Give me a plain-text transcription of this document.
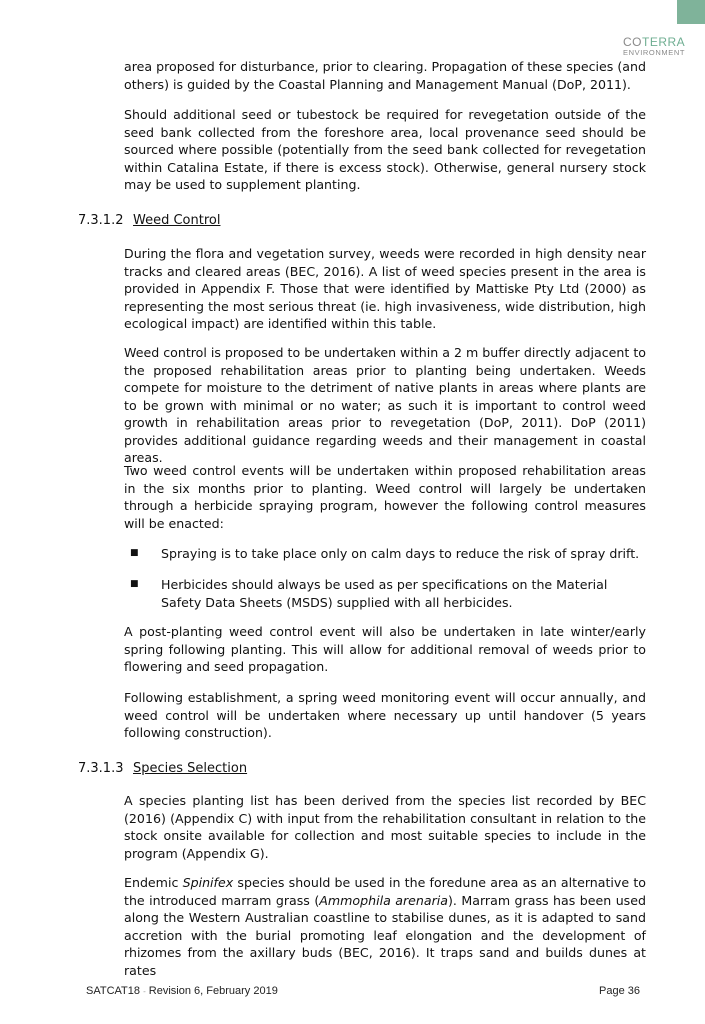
COTERRA
ENVIRONMENT

area proposed for disturbance, prior to clearing. Propagation of these species (and others) is guided by the Coastal Planning and Management Manual (DoP, 2011).

Should additional seed or tubestock be required for revegetation outside of the seed bank collected from the foreshore area, local provenance seed should be sourced where possible (potentially from the seed bank collected for revegetation within Catalina Estate, if there is excess stock). Otherwise, general nursery stock may be used to supplement planting.

7.3.1.2 Weed Control

During the flora and vegetation survey, weeds were recorded in high density near tracks and cleared areas (BEC, 2016). A list of weed species present in the area is provided in Appendix F. Those that were identified by Mattiske Pty Ltd (2000) as representing the most serious threat (ie. high invasiveness, wide distribution, high ecological impact) are identified within this table.

Weed control is proposed to be undertaken within a 2 m buffer directly adjacent to the proposed rehabilitation areas prior to planting being undertaken. Weeds compete for moisture to the detriment of native plants in areas where plants are to be grown with minimal or no water; as such it is important to control weed growth in rehabilitation areas prior to revegetation (DoP, 2011). DoP (2011) provides additional guidance regarding weeds and their management in coastal areas.

Two weed control events will be undertaken within proposed rehabilitation areas in the six months prior to planting. Weed control will largely be undertaken through a herbicide spraying program, however the following control measures will be enacted:

■ Spraying is to take place only on calm days to reduce the risk of spray drift.
■ Herbicides should always be used as per specifications on the Material Safety Data Sheets (MSDS) supplied with all herbicides.

A post-planting weed control event will also be undertaken in late winter/early spring following planting. This will allow for additional removal of weeds prior to flowering and seed propagation.

Following establishment, a spring weed monitoring event will occur annually, and weed control will be undertaken where necessary up until handover (5 years following construction).

7.3.1.3 Species Selection

A species planting list has been derived from the species list recorded by BEC (2016) (Appendix C) with input from the rehabilitation consultant in relation to the stock onsite available for collection and most suitable species to include in the program (Appendix G).

Endemic Spinifex species should be used in the foredune area as an alternative to the introduced marram grass (Ammophila arenaria). Marram grass has been used along the Western Australian coastline to stabilise dunes, as it is adapted to sand accretion with the burial promoting leaf elongation and the development of rhizomes from the axillary buds (BEC, 2016). It traps sand and builds dunes at rates

SATCAT18 - Revision 6, February 2019	Page 36
